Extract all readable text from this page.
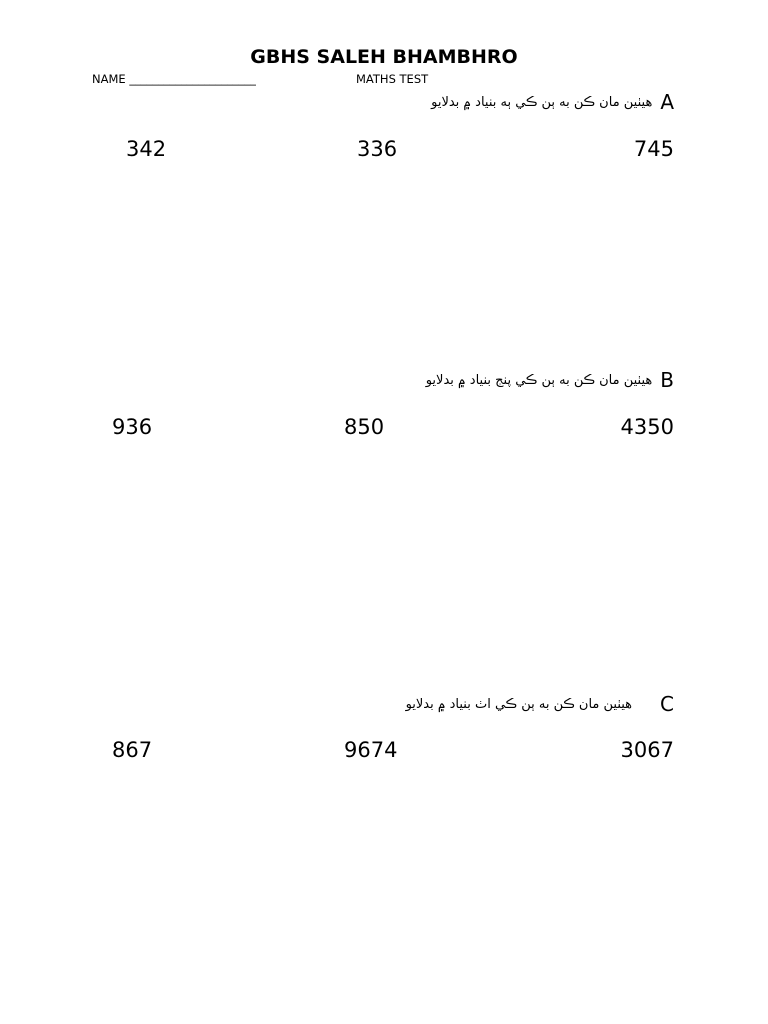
GBHS SALEH BHAMBHRO
NAME ______________________	MATHS TEST
هيٺين مان ڪن به ٻن ڪي ٻه بنياد ۾ بدلايو A
342	336	745
هيٺين مان ڪن به ٻن ڪي پنج بنياد ۾ بدلايو B
936	850	4350
هيٺين مان ڪن به ٻن ڪي اٺ بنياد ۾ بدلايو C
867	9674	3067
